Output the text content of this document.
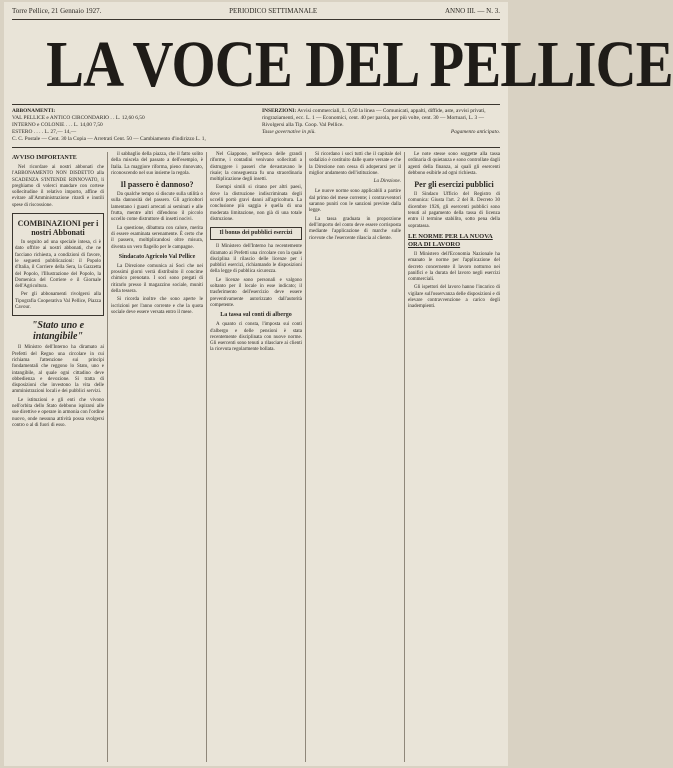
Torre Pellice, 21 Gennaio 1927.	PERIODICO SETTIMANALE	ANNO III. — N. 3.
LA VOCE DEL PELLICE
ABBONAMENTI:
VAL PELLICE e ANTICO CIRCONDARIO . . L. 12,60 6,50
INTERNO e COLONIE . . . L. 14,00 7,50
ESTERO . . . . L. 27,— 14,—
C. C. Postale — Cent. 30 la Copia — Arretrati Cent. 50 — Cambiamento d'indirizzo L. 1,
INSERZIONI: Avvisi commerciali, L. 0,50 la linea — Comunicati, appalti, diffide, aste, avvisi privati, ringraziamenti, ecc. L. 1 — Economici, cent. 40 per parola, per più volte, cent. 30 — Mortuari, L. 3 — Rivolgersi alla Tip. Coop. Val Pellice.
Tasse governative in più.	Pagamento anticipato.
AVVISO IMPORTANTE

Nel ricordare ai nostri abbonati che l'ABBONAMENTO NON DISDETTO alla SCADENZA S'INTENDE RINNOVATO, li preghiamo di volerci mandare con cortese sollecitudine il relativo importo, affine di evitare all'Amministrazione ritardi e inutili spese di riscossione.

COMBINAZIONI per i nostri Abbonati

In seguito ad una speciale intesa, ci è dato offrire ai nostri abbonati, che ne facciano richiesta, a condizioni di favore, le seguenti pubblicazioni: il Popolo d'Italia, il Corriere della Sera, la Gazzetta del Popolo, l'Illustrazione del Popolo, la Domenica del Corriere e il Giornale dell'Agricoltura.

Per gli abbonamenti rivolgersi alla Tipografia Cooperativa Val Pellice, Piazza Cavour.

"Stato uno e intangibile"

Il Ministro dell'Interno ha diramato ai Prefetti del Regno una circolare in cui richiama l'attenzione sui principi fondamentali che reggono lo Stato, uno e intangibile, al quale ogni cittadino deve obbedienza e devozione. Si tratta di disposizioni che investono la vita delle amministrazioni locali e dei pubblici servizi.

Le istituzioni e gli enti che vivono nell'orbita dello Stato debbono ispirarsi alle sue direttive e operare in armonia con l'ordine nuovo, onde nessuna attività possa svolgersi contro o al di fuori di esso.

il sabbaglio della piazza, che il fatto solito della miscela del passato a dell'esempio, è Italia. La maggiore riforma, pieno rinnovato, riconoscendo nel suo insieme la regola.

Il passero è dannoso?

Da qualche tempo si discute sulla utilità o sulla dannosità del passero. Gli agricoltori lamentano i guasti arrecati ai seminati e alle frutta, mentre altri difendono il piccolo uccello come distruttore di insetti nocivi.

La questione, dibattuta con calore, merita di essere esaminata serenamente. È certo che il passero, moltiplicandosi oltre misura, diventa un vero flagello per le campagne.

Sindacato Agricolo Val Pellice

La Direzione comunica ai Soci che nei prossimi giorni verrà distribuito il concime chimico prenotato. I soci sono pregati di ritirarlo presso il magazzino sociale, muniti della tessera.

Si ricorda inoltre che sono aperte le iscrizioni per l'anno corrente e che la quota sociale deve essere versata entro il mese.

Nel Giappone, nell'epoca delle grandi riforme, i contadini venivano sollecitati a distruggere i passeri che devastavano le risaie; la conseguenza fu una straordinaria moltiplicazione degli insetti.

Esempi simili si citano per altri paesi, dove la distruzione indiscriminata degli uccelli portò gravi danni all'agricoltura. La conclusione più saggia è quella di una moderata limitazione, non già di una totale distruzione.

Il bonus dei pubblici esercizi

Il Ministero dell'Interno ha recentemente diramato ai Prefetti una circolare con la quale disciplina il rilascio delle licenze per i pubblici esercizi, richiamando le disposizioni della legge di pubblica sicurezza.

Le licenze sono personali e valgono soltanto per il locale in esse indicato; il trasferimento dell'esercizio deve essere preventivamente autorizzato dall'autorità competente.

La tassa sul conti di albergo

A quanto ci consta, l'imposta sui conti d'albergo e delle pensioni è stata recentemente disciplinata con nuove norme. Gli esercenti sono tenuti a rilasciare ai clienti la ricevuta regolarmente bollata.

Si ricordano i soci tutti che il capitale del sodalizio è costituito dalle quote versate e che la Direzione non cessa di adoperarsi per il miglior andamento dell'istituzione.

La Direzione.

Le nuove norme sono applicabili a partire dal primo del mese corrente; i contravventori saranno puniti con le sanzioni previste dalla legge.

La tassa graduata in proporzione dell'importo del conto deve essere corrisposta mediante l'applicazione di marche sulle ricevute che l'esercente rilascia al cliente.

Le note stesse sono soggette alla tassa ordinaria di quietanza e sono controllate dagli agenti della finanza, ai quali gli esercenti debbono esibirle ad ogni richiesta.

Per gli esercizi pubblici

Il Sindaco Ufficio del Registro di comunica: Giusta l'art. 2 del R. Decreto 30 dicembre 1926, gli esercenti pubblici sono tenuti al pagamento della tassa di licenza entro il termine stabilito, sotto pena della sopratassa.

LE NORME PER LA NUOVA ORA DI LAVORO

Il Ministero dell'Economia Nazionale ha emanato le norme per l'applicazione del decreto concernente il lavoro notturno nei panifici e la durata del lavoro negli esercizi commerciali.

Gli ispettori del lavoro hanno l'incarico di vigilare sull'osservanza delle disposizioni e di elevare contravvenzione a carico degli inadempienti.
